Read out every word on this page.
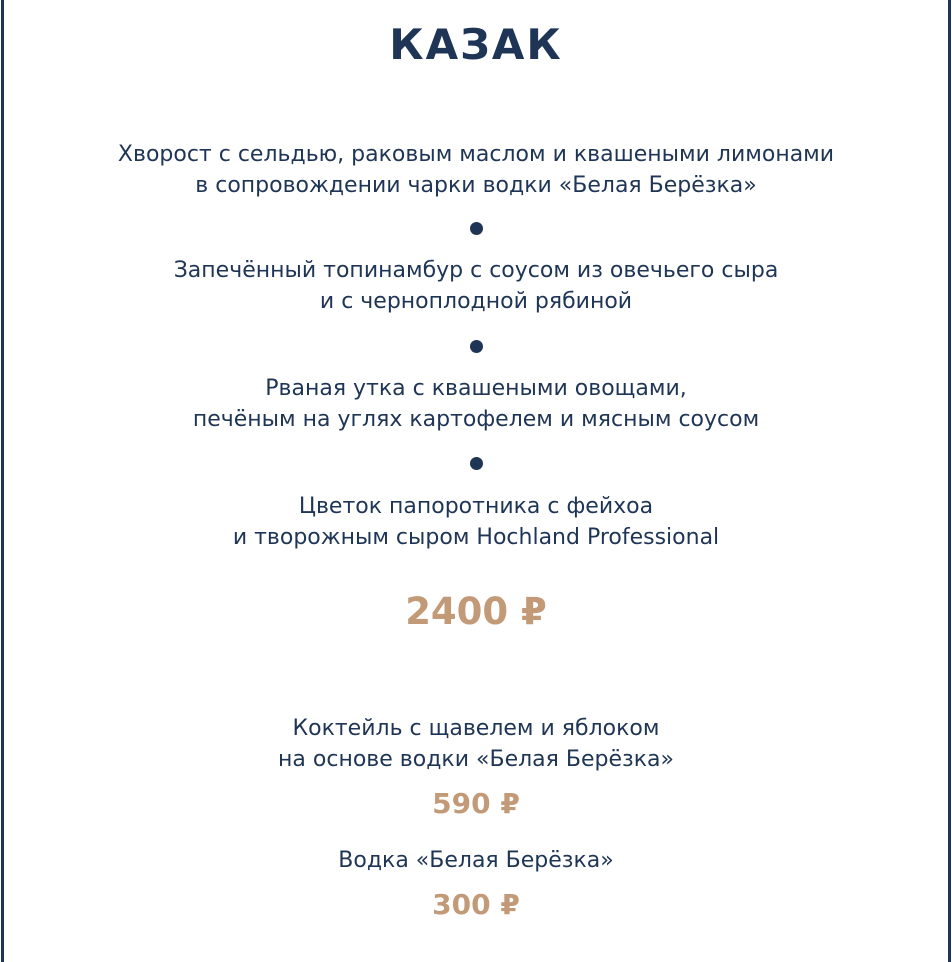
КАЗАК
Хворост с сельдью, раковым маслом и квашеными лимонами
в сопровождении чарки водки «Белая Берёзка»
Запечённый топинамбур с соусом из овечьего сыра
и с черноплодной рябиной
Рваная утка с квашеными овощами,
печёным на углях картофелем и мясным соусом
Цветок папоротника с фейхоа
и творожным сыром Hochland Professional
2400 ₽
Коктейль с щавелем и яблоком
на основе водки «Белая Берёзка»
590 ₽
Водка «Белая Берёзка»
300 ₽
